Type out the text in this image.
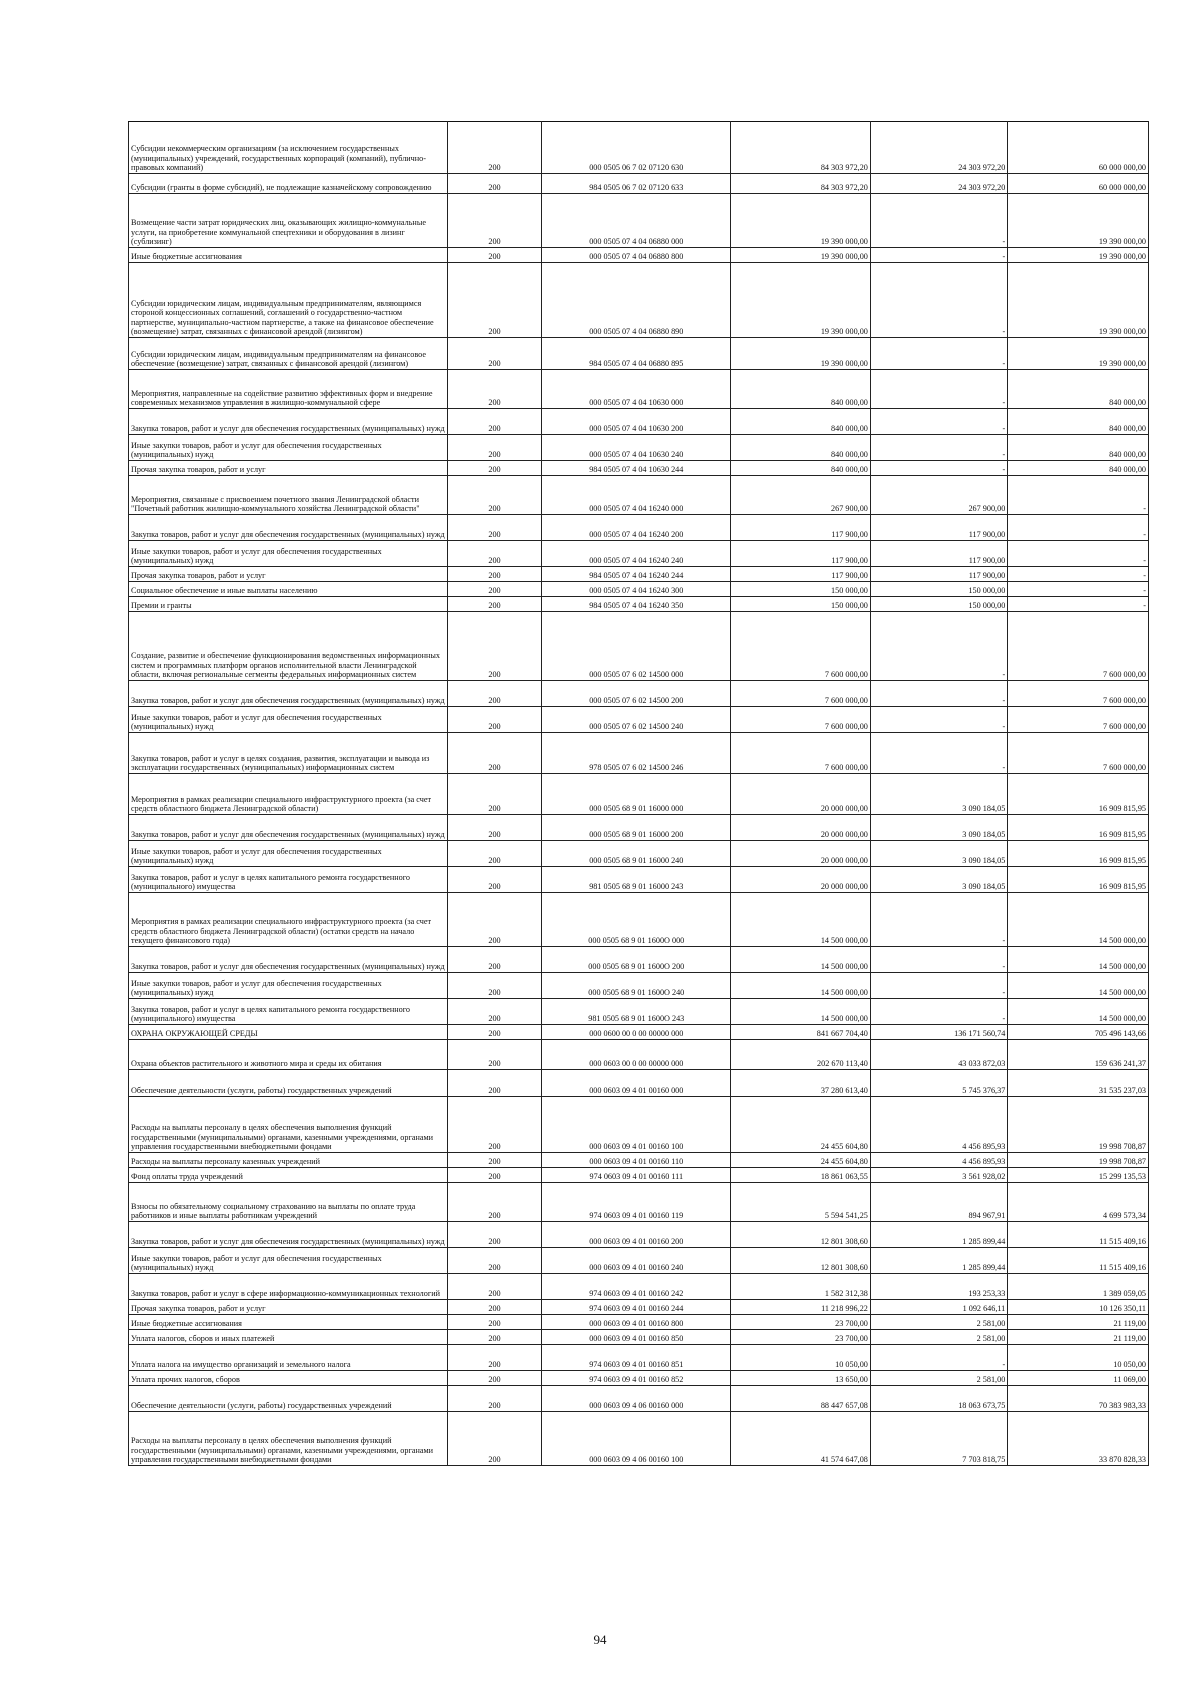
Субсидии некоммерческим организациям (за исключением государственных (муниципальных) учреждений, государственных корпораций (компаний), публично-правовых компаний)	200	000 0505 06 7 02 07120 630	84 303 972,20	24 303 972,20	60 000 000,00
Субсидии (гранты в форме субсидий), не подлежащие казначейскому сопровождению	200	984 0505 06 7 02 07120 633	84 303 972,20	24 303 972,20	60 000 000,00
Возмещение части затрат юридических лиц, оказывающих жилищно-коммунальные услуги, на приобретение коммунальной спецтехники и оборудования в лизинг (сублизинг)	200	000 0505 07 4 04 06880 000	19 390 000,00	-	19 390 000,00
Иные бюджетные ассигнования	200	000 0505 07 4 04 06880 800	19 390 000,00	-	19 390 000,00
Субсидии юридическим лицам, индивидуальным предпринимателям, являющимся стороной концессионных соглашений, соглашений о государственно-частном партнерстве, муниципально-частном партнерстве, а также на финансовое обеспечение (возмещение) затрат, связанных с финансовой арендой (лизингом)	200	000 0505 07 4 04 06880 890	19 390 000,00	-	19 390 000,00
Субсидии юридическим лицам, индивидуальным предпринимателям на финансовое обеспечение (возмещение) затрат, связанных с финансовой арендой (лизингом)	200	984 0505 07 4 04 06880 895	19 390 000,00	-	19 390 000,00
Мероприятия, направленные на содействие развитию эффективных форм и внедрение современных механизмов управления в жилищно-коммунальной сфере	200	000 0505 07 4 04 10630 000	840 000,00	-	840 000,00
Закупка товаров, работ и услуг для обеспечения государственных (муниципальных) нужд	200	000 0505 07 4 04 10630 200	840 000,00	-	840 000,00
Иные закупки товаров, работ и услуг для обеспечения государственных (муниципальных) нужд	200	000 0505 07 4 04 10630 240	840 000,00	-	840 000,00
Прочая закупка товаров, работ и услуг	200	984 0505 07 4 04 10630 244	840 000,00	-	840 000,00
Мероприятия, связанные с присвоением почетного звания Ленинградской области "Почетный работник жилищно-коммунального хозяйства Ленинградской области"	200	000 0505 07 4 04 16240 000	267 900,00	267 900,00	-
Закупка товаров, работ и услуг для обеспечения государственных (муниципальных) нужд	200	000 0505 07 4 04 16240 200	117 900,00	117 900,00	-
Иные закупки товаров, работ и услуг для обеспечения государственных (муниципальных) нужд	200	000 0505 07 4 04 16240 240	117 900,00	117 900,00	-
Прочая закупка товаров, работ и услуг	200	984 0505 07 4 04 16240 244	117 900,00	117 900,00	-
Социальное обеспечение и иные выплаты населению	200	000 0505 07 4 04 16240 300	150 000,00	150 000,00	-
Премии и гранты	200	984 0505 07 4 04 16240 350	150 000,00	150 000,00	-
Создание, развитие и обеспечение функционирования ведомственных информационных систем и программных платформ органов исполнительной власти Ленинградской области, включая региональные сегменты федеральных информационных систем	200	000 0505 07 6 02 14500 000	7 600 000,00	-	7 600 000,00
Закупка товаров, работ и услуг для обеспечения государственных (муниципальных) нужд	200	000 0505 07 6 02 14500 200	7 600 000,00	-	7 600 000,00
Иные закупки товаров, работ и услуг для обеспечения государственных (муниципальных) нужд	200	000 0505 07 6 02 14500 240	7 600 000,00	-	7 600 000,00
Закупка товаров, работ и услуг в целях создания, развития, эксплуатации и вывода из эксплуатации государственных (муниципальных) информационных систем	200	978 0505 07 6 02 14500 246	7 600 000,00	-	7 600 000,00
Мероприятия в рамках реализации специального инфраструктурного проекта (за счет средств областного бюджета Ленинградской области)	200	000 0505 68 9 01 16000 000	20 000 000,00	3 090 184,05	16 909 815,95
Закупка товаров, работ и услуг для обеспечения государственных (муниципальных) нужд	200	000 0505 68 9 01 16000 200	20 000 000,00	3 090 184,05	16 909 815,95
Иные закупки товаров, работ и услуг для обеспечения государственных (муниципальных) нужд	200	000 0505 68 9 01 16000 240	20 000 000,00	3 090 184,05	16 909 815,95
Закупка товаров, работ и услуг в целях капитального ремонта государственного (муниципального) имущества	200	981 0505 68 9 01 16000 243	20 000 000,00	3 090 184,05	16 909 815,95
Мероприятия в рамках реализации специального инфраструктурного проекта (за счет средств областного бюджета Ленинградской области) (остатки средств на начало текущего финансового года)	200	000 0505 68 9 01 1600O 000	14 500 000,00	-	14 500 000,00
Закупка товаров, работ и услуг для обеспечения государственных (муниципальных) нужд	200	000 0505 68 9 01 1600O 200	14 500 000,00	-	14 500 000,00
Иные закупки товаров, работ и услуг для обеспечения государственных (муниципальных) нужд	200	000 0505 68 9 01 1600O 240	14 500 000,00	-	14 500 000,00
Закупка товаров, работ и услуг в целях капитального ремонта государственного (муниципального) имущества	200	981 0505 68 9 01 1600O 243	14 500 000,00	-	14 500 000,00
ОХРАНА ОКРУЖАЮЩЕЙ СРЕДЫ	200	000 0600 00 0 00 00000 000	841 667 704,40	136 171 560,74	705 496 143,66
Охрана объектов растительного и животного мира и среды их обитания	200	000 0603 00 0 00 00000 000	202 670 113,40	43 033 872,03	159 636 241,37
Обеспечение деятельности (услуги, работы) государственных учреждений	200	000 0603 09 4 01 00160 000	37 280 613,40	5 745 376,37	31 535 237,03
Расходы на выплаты персоналу в целях обеспечения выполнения функций государственными (муниципальными) органами, казенными учреждениями, органами управления государственными внебюджетными фондами	200	000 0603 09 4 01 00160 100	24 455 604,80	4 456 895,93	19 998 708,87
Расходы на выплаты персоналу казенных учреждений	200	000 0603 09 4 01 00160 110	24 455 604,80	4 456 895,93	19 998 708,87
Фонд оплаты труда учреждений	200	974 0603 09 4 01 00160 111	18 861 063,55	3 561 928,02	15 299 135,53
Взносы по обязательному социальному страхованию на выплаты по оплате труда работников и иные выплаты работникам учреждений	200	974 0603 09 4 01 00160 119	5 594 541,25	894 967,91	4 699 573,34
Закупка товаров, работ и услуг для обеспечения государственных (муниципальных) нужд	200	000 0603 09 4 01 00160 200	12 801 308,60	1 285 899,44	11 515 409,16
Иные закупки товаров, работ и услуг для обеспечения государственных (муниципальных) нужд	200	000 0603 09 4 01 00160 240	12 801 308,60	1 285 899,44	11 515 409,16
Закупка товаров, работ и услуг в сфере информационно-коммуникационных технологий	200	974 0603 09 4 01 00160 242	1 582 312,38	193 253,33	1 389 059,05
Прочая закупка товаров, работ и услуг	200	974 0603 09 4 01 00160 244	11 218 996,22	1 092 646,11	10 126 350,11
Иные бюджетные ассигнования	200	000 0603 09 4 01 00160 800	23 700,00	2 581,00	21 119,00
Уплата налогов, сборов и иных платежей	200	000 0603 09 4 01 00160 850	23 700,00	2 581,00	21 119,00
Уплата налога на имущество организаций и земельного налога	200	974 0603 09 4 01 00160 851	10 050,00	-	10 050,00
Уплата прочих налогов, сборов	200	974 0603 09 4 01 00160 852	13 650,00	2 581,00	11 069,00
Обеспечение деятельности (услуги, работы) государственных учреждений	200	000 0603 09 4 06 00160 000	88 447 657,08	18 063 673,75	70 383 983,33
Расходы на выплаты персоналу в целях обеспечения выполнения функций государственными (муниципальными) органами, казенными учреждениями, органами управления государственными внебюджетными фондами	200	000 0603 09 4 06 00160 100	41 574 647,08	7 703 818,75	33 870 828,33
94
